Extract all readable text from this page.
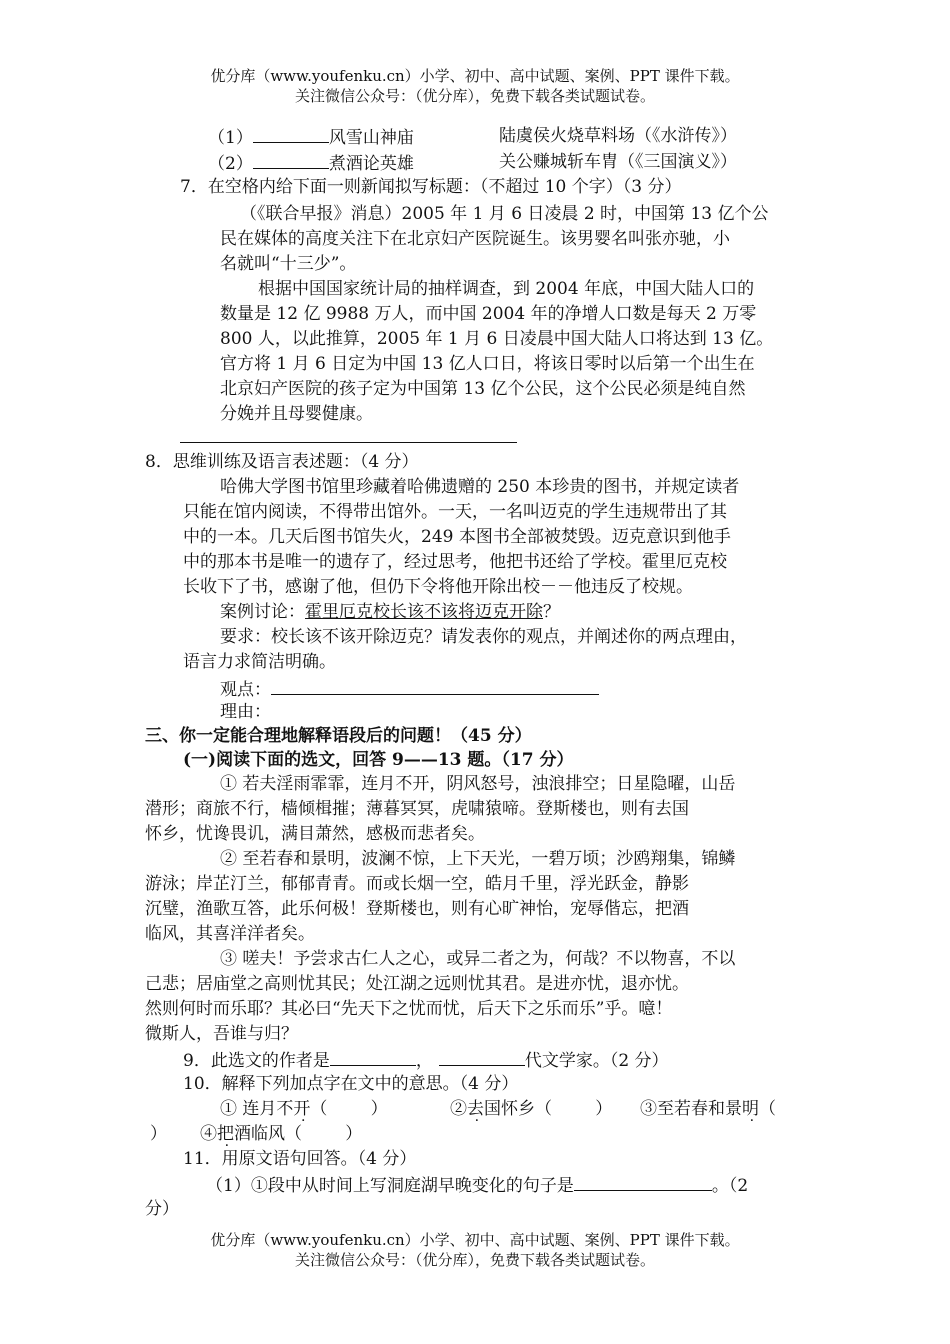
优分库（www.youfenku.cn）小学、初中、高中试题、案例、PPT 课件下载。
关注微信公众号：（优分库），免费下载各类试题试卷。
（1）	风雪山神庙	陆虞侯火烧草料场（《水浒传》）
（2）	煮酒论英雄	关公赚城斩车胄（《三国演义》）
7．在空格内给下面一则新闻拟写标题：（不超过 10 个字）（3 分）
（《联合早报》消息）2005 年 1 月 6 日凌晨 2 时，中国第 13 亿个公
民在媒体的高度关注下在北京妇产医院诞生。该男婴名叫张亦驰，小
名就叫“十三少”。
根据中国国家统计局的抽样调查，到 2004 年底，中国大陆人口的
数量是 12 亿 9988 万人，而中国 2004 年的净增人口数是每天 2 万零
800 人，以此推算，2005 年 1 月 6 日凌晨中国大陆人口将达到 13 亿。
官方将 1 月 6 日定为中国 13 亿人口日，将该日零时以后第一个出生在
北京妇产医院的孩子定为中国第 13 亿个公民，这个公民必须是纯自然
分娩并且母婴健康。
8．思维训练及语言表述题：（4 分）
哈佛大学图书馆里珍藏着哈佛遗赠的 250 本珍贵的图书，并规定读者
只能在馆内阅读，不得带出馆外。一天，一名叫迈克的学生违规带出了其
中的一本。几天后图书馆失火，249 本图书全部被焚毁。迈克意识到他手
中的那本书是唯一的遗存了，经过思考，他把书还给了学校。霍里厄克校
长收下了书，感谢了他，但仍下令将他开除出校－－他违反了校规。
案例讨论：霍里厄克校长该不该将迈克开除？
要求：校长该不该开除迈克？请发表你的观点，并阐述你的两点理由，
语言力求简洁明确。
观点：
理由：
三、你一定能合理地解释语段后的问题！（45 分）
(一)阅读下面的选文，回答 9——13 题。（17 分）
① 若夫淫雨霏霏，连月不开，阴风怒号，浊浪排空；日星隐曜，山岳
潜形；商旅不行，樯倾楫摧；薄暮冥冥，虎啸猿啼。登斯楼也，则有去国
怀乡，忧谗畏讥，满目萧然，感极而悲者矣。
② 至若春和景明，波澜不惊，上下天光，一碧万顷；沙鸥翔集，锦鳞
游泳；岸芷汀兰，郁郁青青。而或长烟一空，皓月千里，浮光跃金，静影
沉璧，渔歌互答，此乐何极！登斯楼也，则有心旷神怡，宠辱偕忘，把酒
临风，其喜洋洋者矣。
③ 嗟夫！予尝求古仁人之心，或异二者之为，何哉？不以物喜，不以
己悲；居庙堂之高则忧其民；处江湖之远则忧其君。是进亦忧，退亦忧。
然则何时而乐耶？其必曰“先天下之忧而忧，后天下之乐而乐”乎。噫！
微斯人，吾谁与归？
9．此选文的作者是	，	代文学家。（2 分）
10．解释下列加点字在文中的意思。（4 分）
① 连月不开（        ）	②去国怀乡（        ） ③至若春和景明（
） ④把酒临风（        ）
11．用原文语句回答。（4 分）
（1）①段中从时间上写洞庭湖早晚变化的句子是	。（2
分）
优分库（www.youfenku.cn）小学、初中、高中试题、案例、PPT 课件下载。
关注微信公众号：（优分库），免费下载各类试题试卷。
